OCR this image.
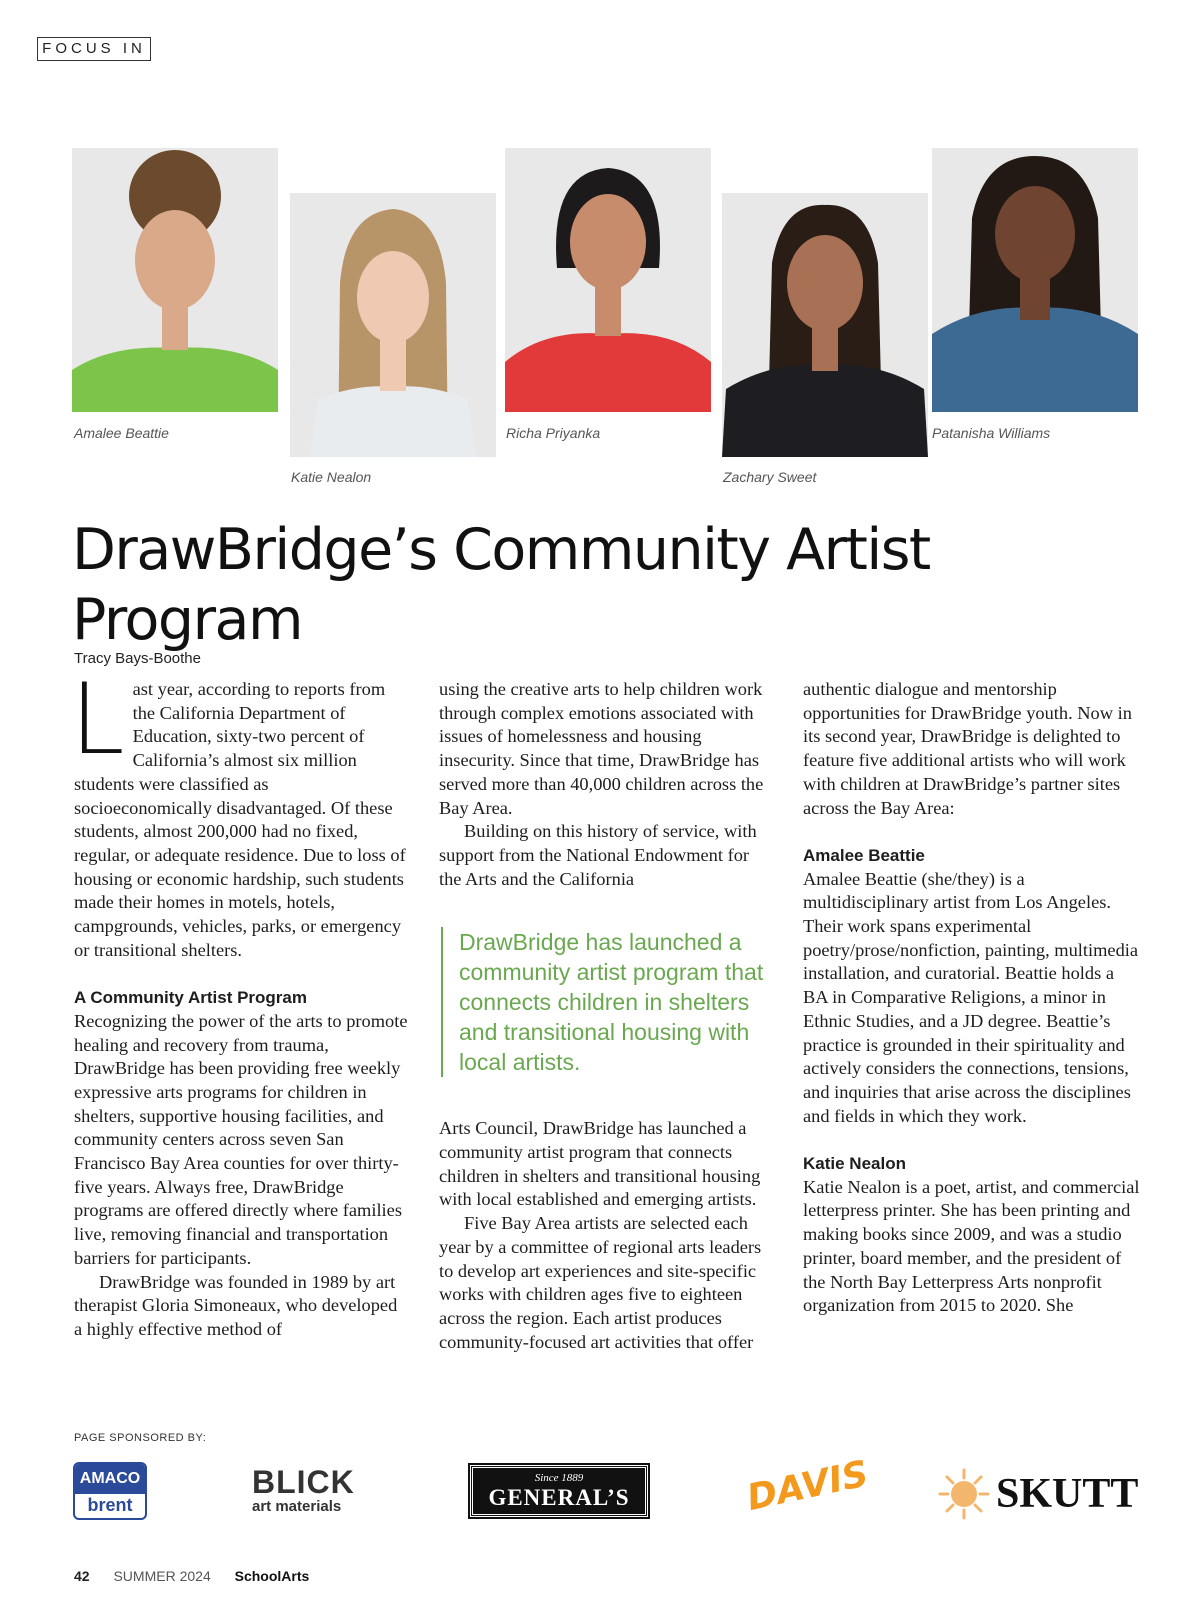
FOCUS IN
Amalee Beattie
Katie Nealon
Richa Priyanka
Zachary Sweet
Patanisha Williams
DrawBridge’s Community Artist Program
Tracy Bays-Boothe

Last year, according to reports from the California Department of Education, sixty-two percent of California’s almost six million students were classified as socioeconomically disadvantaged. Of these students, almost 200,000 had no fixed, regular, or adequate residence. Due to loss of housing or economic hardship, such students made their homes in motels, hotels, campgrounds, vehicles, parks, or emergency or transitional shelters.

A Community Artist Program

Recognizing the power of the arts to promote healing and recovery from trauma, DrawBridge has been providing free weekly expressive arts programs for children in shelters, supportive housing facilities, and community centers across seven San Francisco Bay Area counties for over thirty-five years. Always free, DrawBridge programs are offered directly where families live, removing financial and transportation barriers for participants.

DrawBridge was founded in 1989 by art therapist Gloria Simoneaux, who developed a highly effective method of

using the creative arts to help children work through complex emotions associated with issues of homelessness and housing insecurity. Since that time, DrawBridge has served more than 40,000 children across the Bay Area.

Building on this history of service, with support from the National Endowment for the Arts and the California

DrawBridge has launched a community artist program that connects children in shelters and transitional housing with local artists.

Arts Council, DrawBridge has launched a community artist program that connects children in shelters and transitional housing with local established and emerging artists.

Five Bay Area artists are selected each year by a committee of regional arts leaders to develop art experiences and site-specific works with children ages five to eighteen across the region. Each artist produces community-focused art activities that offer

authentic dialogue and mentorship opportunities for DrawBridge youth. Now in its second year, DrawBridge is delighted to feature five additional artists who will work with children at DrawBridge’s partner sites across the Bay Area:

Amalee Beattie

Amalee Beattie (she/they) is a multidisciplinary artist from Los Angeles. Their work spans experimental poetry/prose/nonfiction, painting, multimedia installation, and curatorial. Beattie holds a BA in Comparative Religions, a minor in Ethnic Studies, and a JD degree. Beattie’s practice is grounded in their spirituality and actively considers the connections, tensions, and inquiries that arise across the disciplines and fields in which they work.

Katie Nealon

Katie Nealon is a poet, artist, and commercial letterpress printer. She has been printing and making books since 2009, and was a studio printer, board member, and the president of the North Bay Letterpress Arts nonprofit organization from 2015 to 2020. She

PAGE SPONSORED BY:
AMACO
brent
BLICK
art materials
Since 1889
GENERAL’S	DAVIS	SKUTT
42 SUMMER 2024 SchoolArts
